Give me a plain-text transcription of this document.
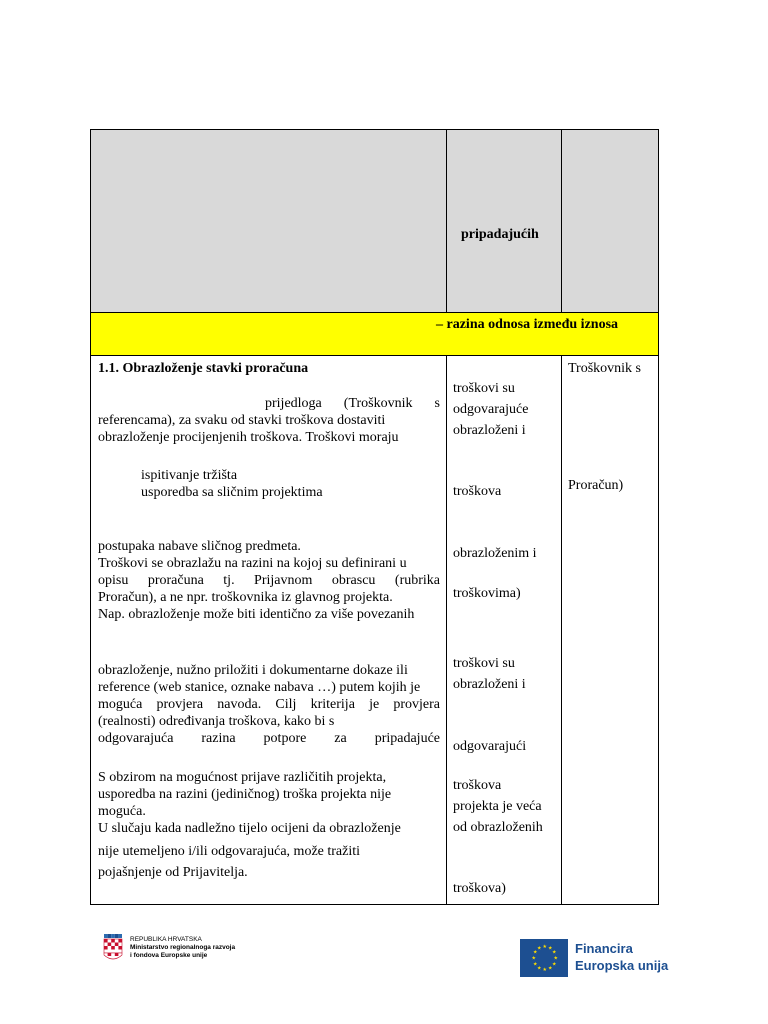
pripadajućih
– razina odnosa između iznosa
1.1. Obrazloženje stavki proračuna
prijedloga (Troškovnik s
referencama), za svaku od stavki troškova dostaviti
obrazloženje procijenjenih troškova. Troškovi moraju
ispitivanje tržišta
usporedba sa sličnim projektima
postupaka nabave sličnog predmeta.
Troškovi se obrazlažu na razini na kojoj su definirani u
opisu proračuna tj. Prijavnom obrascu (rubrika
Proračun), a ne npr. troškovnika iz glavnog projekta.
Nap. obrazloženje može biti identično za više povezanih
obrazloženje, nužno priložiti i dokumentarne dokaze ili
reference (web stanice, oznake nabava …) putem kojih je
moguća provjera navoda. Cilj kriterija je provjera
(realnosti) određivanja troškova, kako bi s
odgovarajuća razina potpore za pripadajuće
S obzirom na mogućnost prijave različitih projekta,
usporedba na razini (jediničnog) troška projekta nije
moguća.
U slučaju kada nadležno tijelo ocijeni da obrazloženje
nije utemeljeno i/ili odgovarajuća, može tražiti
pojašnjenje od Prijavitelja.
troškovi su
odgovarajuće
obrazloženi i
troškova
obrazloženim i
troškovima)
troškovi su
obrazloženi i
odgovarajući
troškova
projekta je veća
od obrazloženih
troškova)
Troškovnik s
Proračun)
REPUBLIKA HRVATSKA
Ministarstvo regionalnoga razvoja
i fondova Europske unije
★ ★
★
★
★
★
★
★
★
★
★
★	Financira
Europska unija
